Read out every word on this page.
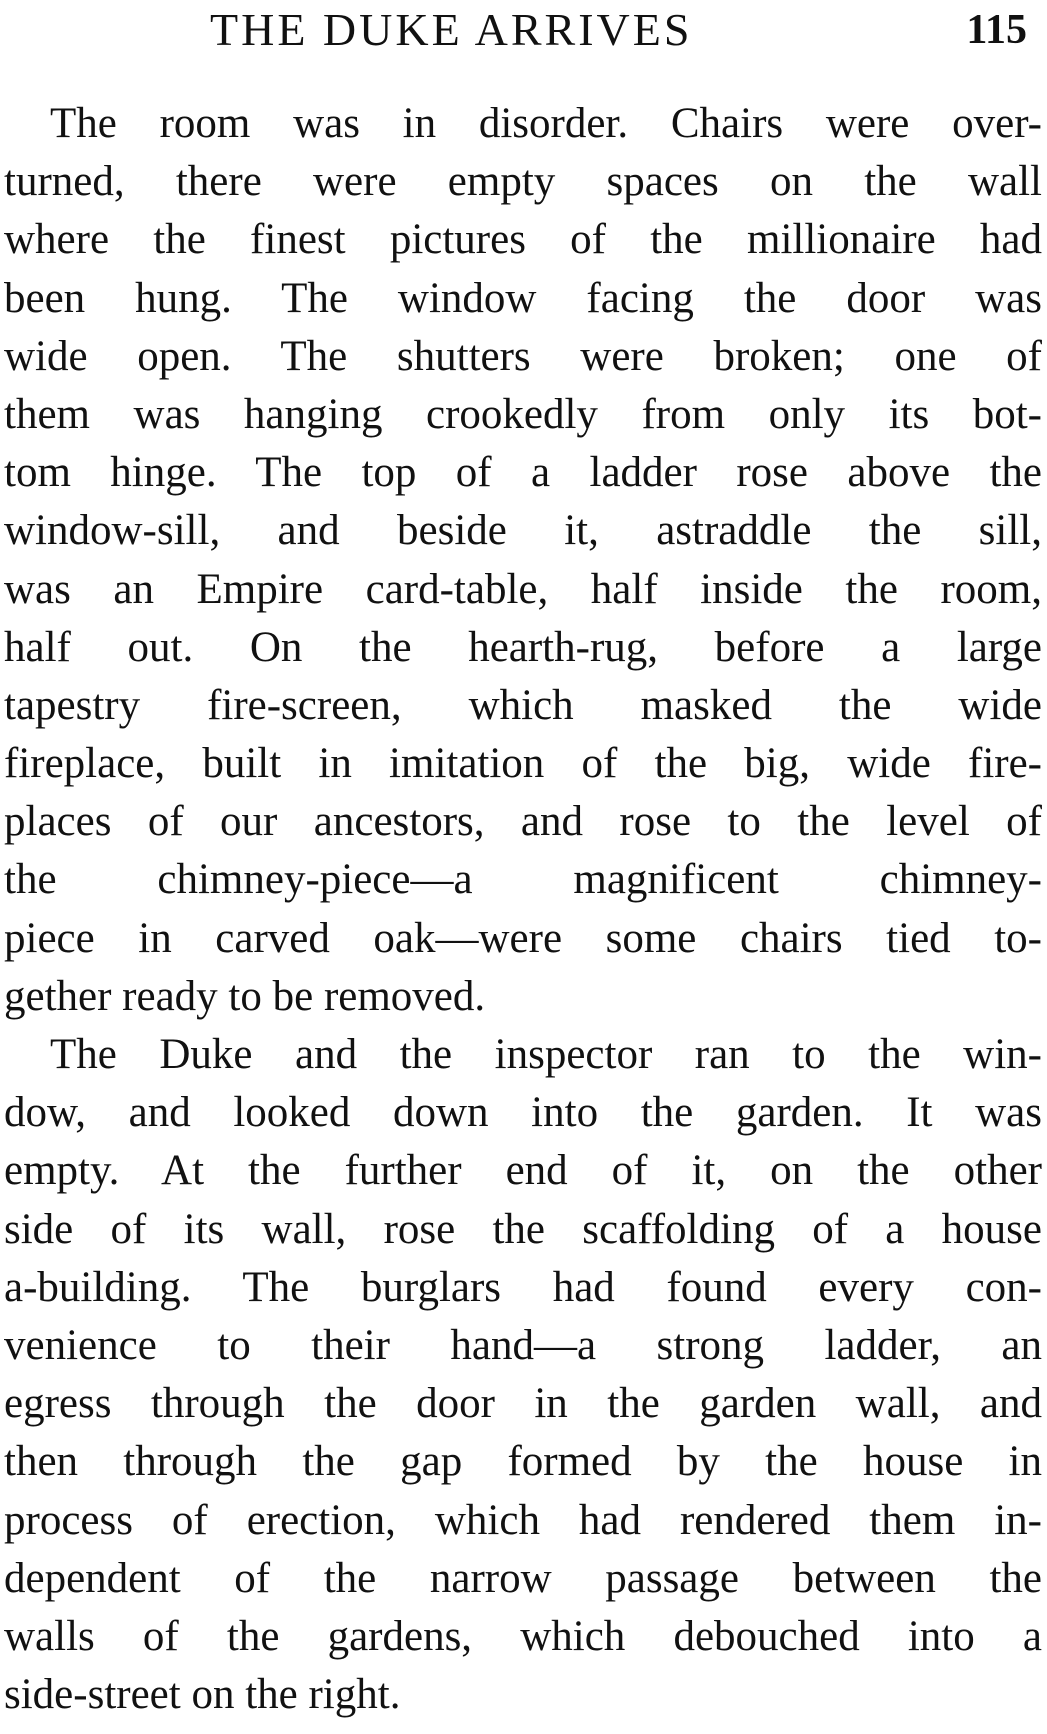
THE DUKE ARRIVES	115
The room was in disorder. Chairs were over-
turned, there were empty spaces on the wall
where the finest pictures of the millionaire had
been hung. The window facing the door was
wide open. The shutters were broken; one of
them was hanging crookedly from only its bot-
tom hinge. The top of a ladder rose above the
window-sill, and beside it, astraddle the sill,
was an Empire card-table, half inside the room,
half out. On the hearth-rug, before a large
tapestry fire-screen, which masked the wide
fireplace, built in imitation of the big, wide fire-
places of our ancestors, and rose to the level of
the chimney-piece—a magnificent chimney-
piece in carved oak—were some chairs tied to-
gether ready to be removed.
The Duke and the inspector ran to the win-
dow, and looked down into the garden. It was
empty. At the further end of it, on the other
side of its wall, rose the scaffolding of a house
a-building. The burglars had found every con-
venience to their hand—a strong ladder, an
egress through the door in the garden wall, and
then through the gap formed by the house in
process of erection, which had rendered them in-
dependent of the narrow passage between the
walls of the gardens, which debouched into a
side-street on the right.
